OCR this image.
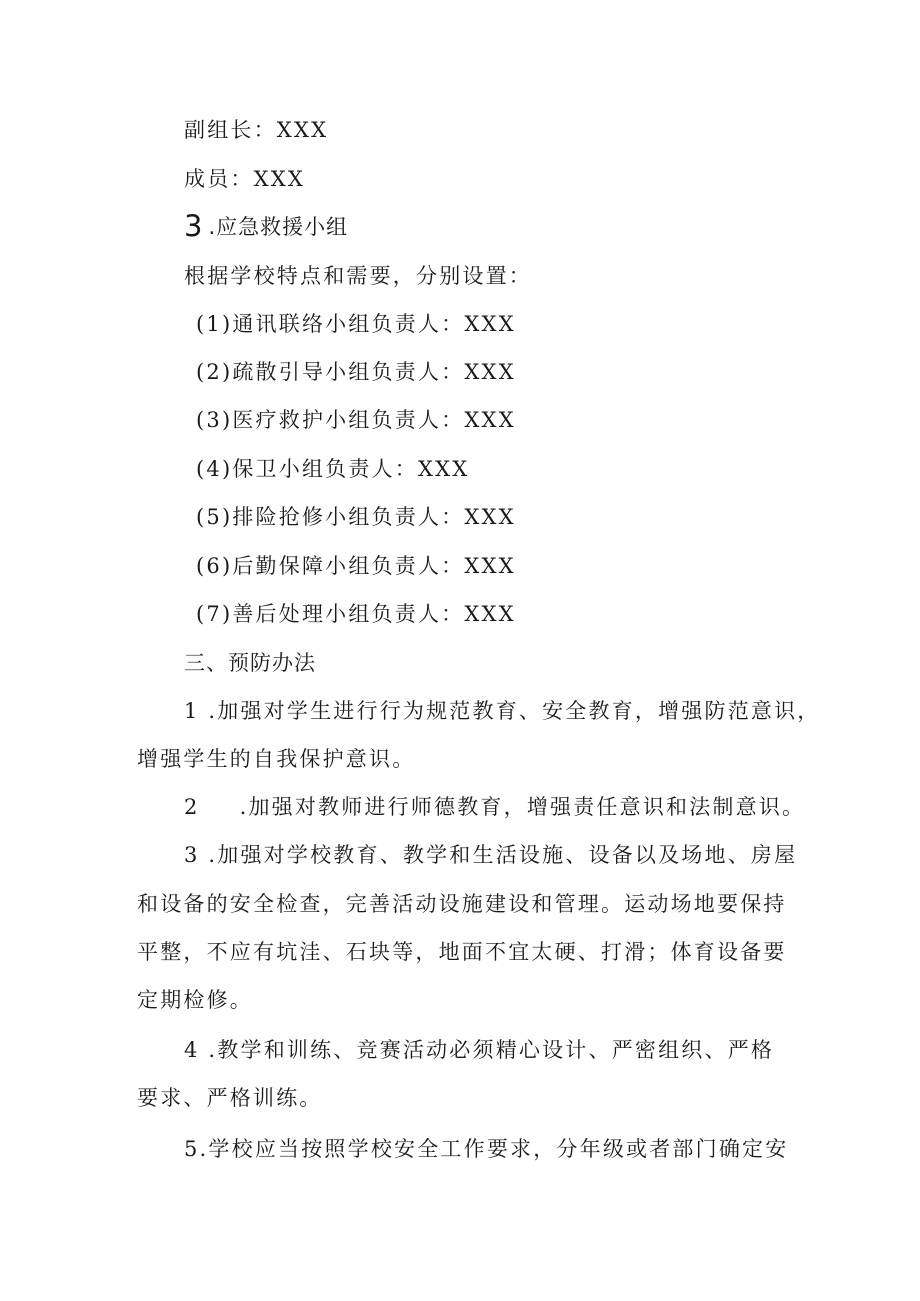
副组长：XXX
成员：XXX
3 .应急救援小组
根据学校特点和需要，分别设置：
(1)通讯联络小组负责人：XXX
(2)疏散引导小组负责人：XXX
(3)医疗救护小组负责人：XXX
(4)保卫小组负责人：XXX
(5)排险抢修小组负责人：XXX
(6)后勤保障小组负责人：XXX
(7)善后处理小组负责人：XXX
三、预防办法
1 .加强对学生进行行为规范教育、安全教育，增强防范意识，
增强学生的自我保护意识。
2 .加强对教师进行师德教育，增强责任意识和法制意识。
3 .加强对学校教育、教学和生活设施、设备以及场地、房屋
和设备的安全检查，完善活动设施建设和管理。运动场地要保持
平整，不应有坑洼、石块等，地面不宜太硬、打滑；体育设备要
定期检修。
4 .教学和训练、竞赛活动必须精心设计、严密组织、严格
要求、严格训练。
5.学校应当按照学校安全工作要求，分年级或者部门确定安
